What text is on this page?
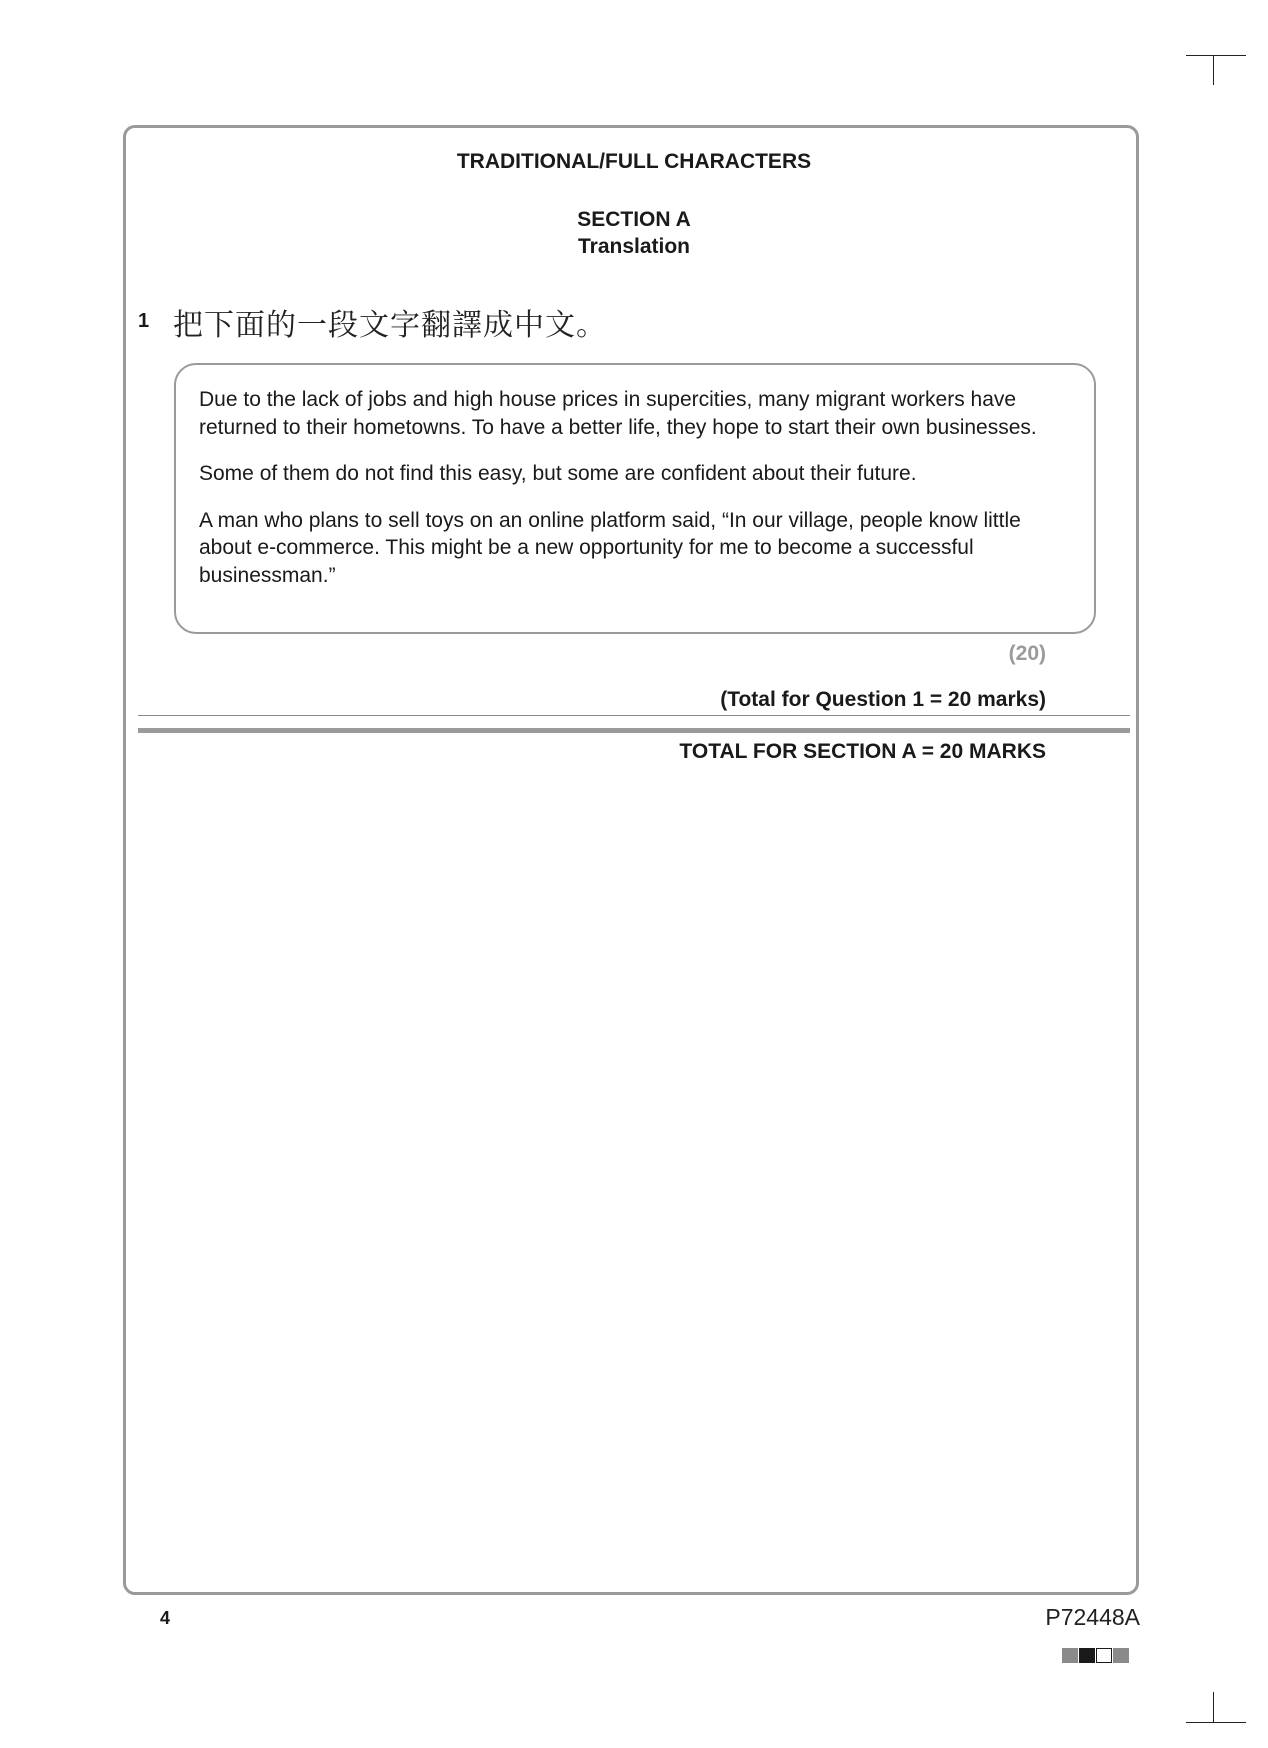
TRADITIONAL/FULL CHARACTERS
SECTION A
Translation
1 把下面的一段文字翻譯成中文。

Due to the lack of jobs and high house prices in supercities, many migrant workers have returned to their hometowns. To have a better life, they hope to start their own businesses.

Some of them do not find this easy, but some are confident about their future.

A man who plans to sell toys on an online platform said, “In our village, people know little about e-commerce. This might be a new opportunity for me to become a successful businessman.”

(20)
(Total for Question 1 = 20 marks)
TOTAL FOR SECTION A = 20 MARKS
4	P72448A
